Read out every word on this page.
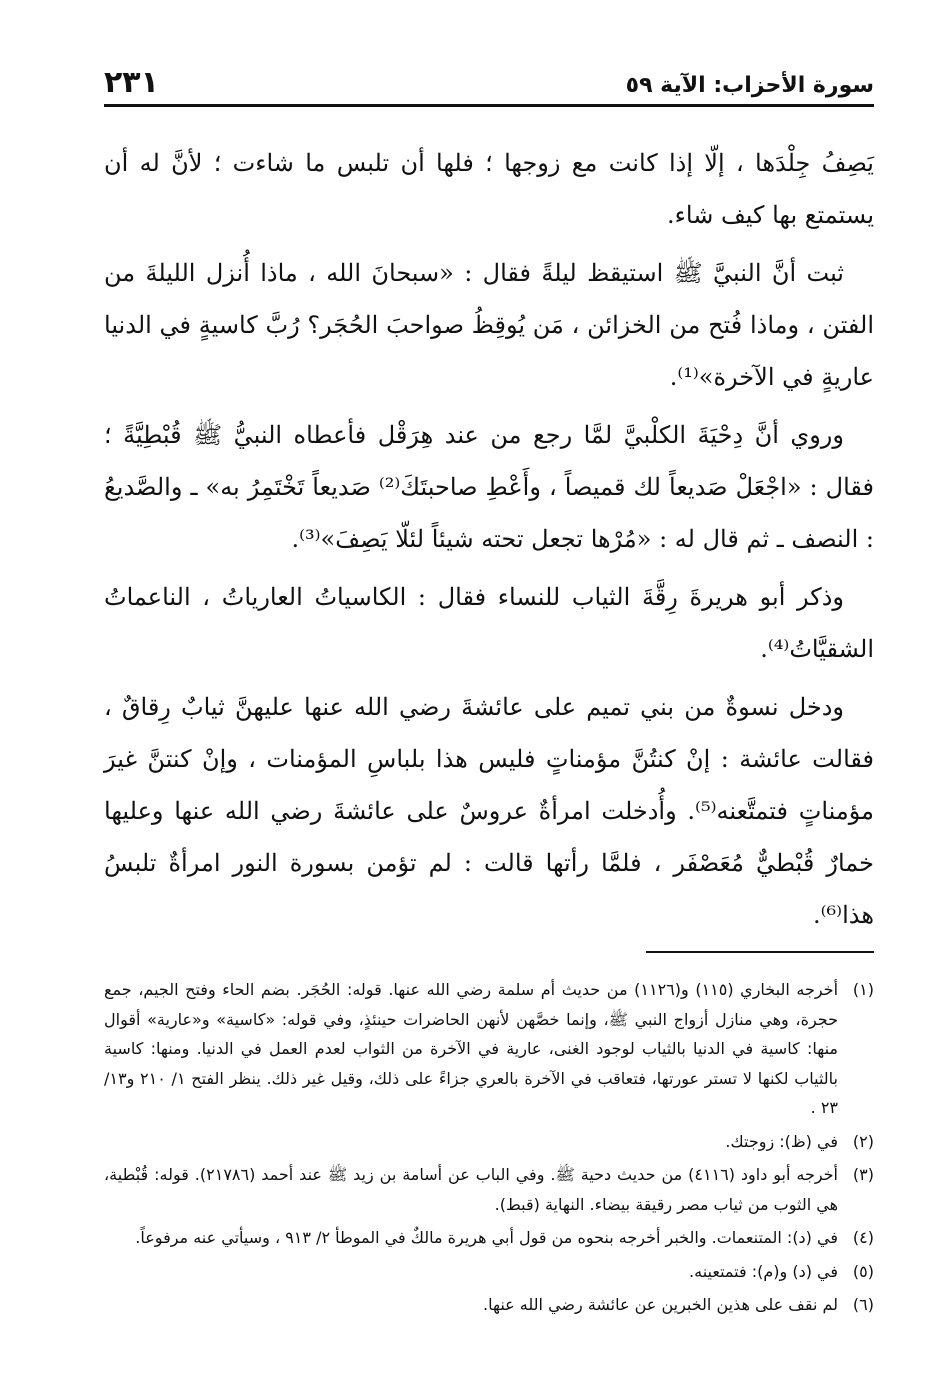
سورة الأحزاب: الآية ٥٩
٢٣١

يَصِفُ جِلْدَها ، إلّا إذا كانت مع زوجها ؛ فلها أن تلبس ما شاءت ؛ لأنَّ له أن يستمتع بها كيف شاء.

ثبت أنَّ النبيَّ ﷺ استيقظ ليلةً فقال : «سبحانَ الله ، ماذا أُنزل الليلةَ من الفتن ، وماذا فُتح من الخزائن ، مَن يُوقِظُ صواحبَ الحُجَر؟ رُبَّ كاسيةٍ في الدنيا عاريةٍ في الآخرة»⁽¹⁾.

وروي أنَّ دِحْيَةَ الكلْبيَّ لمَّا رجع من عند هِرَقْل فأعطاه النبيُّ ﷺ قُبْطِيَّةً ؛ فقال : «اجْعَلْ صَديعاً لك قميصاً ، وأَعْطِ صاحبتَكَ⁽²⁾ صَديعاً تَخْتَمِرُ به» ـ والصَّديعُ : النصف ـ ثم قال له : «مُرْها تجعل تحته شيئاً لئلّا يَصِفَ»⁽³⁾.

وذكر أبو هريرةَ رِقَّةَ الثياب للنساء فقال : الكاسياتُ العارياتُ ، الناعماتُ الشقيَّاتُ⁽⁴⁾.

ودخل نسوةٌ من بني تميم على عائشةَ رضي الله عنها عليهنَّ ثيابٌ رِقاقٌ ، فقالت عائشة : إنْ كنتُنَّ مؤمناتٍ فليس هذا بلباسِ المؤمنات ، وإنْ كنتنَّ غيرَ مؤمناتٍ فتمتَّعنه⁽⁵⁾. وأُدخلت امرأةٌ عروسٌ على عائشةَ رضي الله عنها وعليها خمارٌ قُبْطيٌّ مُعَصْفَر ، فلمَّا رأتها قالت : لم تؤمن بسورة النور امرأةٌ تلبسُ هذا⁽⁶⁾.

(١)
أخرجه البخاري (١١٥) و(١١٢٦) من حديث أم سلمة رضي الله عنها. قوله: الحُجَر. بضم الحاء وفتح الجيم، جمع حجرة، وهي منازل أزواج النبي ﷺ، وإنما خصَّهن لأنهن الحاضرات حينئذٍ، وفي قوله: «كاسية» و«عارية» أقوال منها: كاسية في الدنيا بالثياب لوجود الغنى، عارية في الآخرة من الثواب لعدم العمل في الدنيا. ومنها: كاسية بالثياب لكنها لا تستر عورتها، فتعاقب في الآخرة بالعري جزاءً على ذلك، وقيل غير ذلك. ينظر الفتح ١/ ٢١٠ و١٣/ ٢٣ .
(٢)
في (ظ): زوجتك.
(٣)
أخرجه أبو داود (٤١١٦) من حديث دحية ﷺ. وفي الباب عن أسامة بن زيد ﷺ عند أحمد (٢١٧٨٦). قوله: قُبْطية، هي الثوب من ثياب مصر رقيقة بيضاء. النهاية (قبط).
(٤)
في (د): المتنعمات. والخبر أخرجه بنحوه من قول أبي هريرة مالكٌ في الموطأ ٢/ ٩١٣ ، وسيأتي عنه مرفوعاً.
(٥)
في (د) و(م): فتمتعينه.
(٦)
لم نقف على هذين الخبرين عن عائشة رضي الله عنها.
